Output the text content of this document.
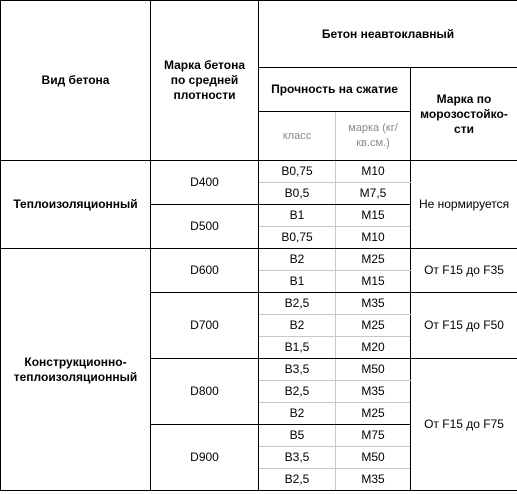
Вид бетона	Марка бетона по средней плотности	Бетон неавтоклавный		
		Прочность на сжатие		Марка по морозостойко-сти
		класс	марка (кг/кв.см.)	
Теплоизоляционный	D400	B0,75	M10	Не нормируется
		B0,5	M7,5	
	D500	B1	M15	
		B0,75	M10	
Конструкционно-теплоизоляционный	D600	B2	M25	От F15 до F35
		B1	M15	
	D700	B2,5	M35	От F15 до F50
		B2	M25	
		B1,5	M20	
	D800	B3,5	M50	От F15 до F75
		B2,5	M35	
		B2	M25	
	D900	B5	M75	
		B3,5	M50	
		B2,5	M35	
